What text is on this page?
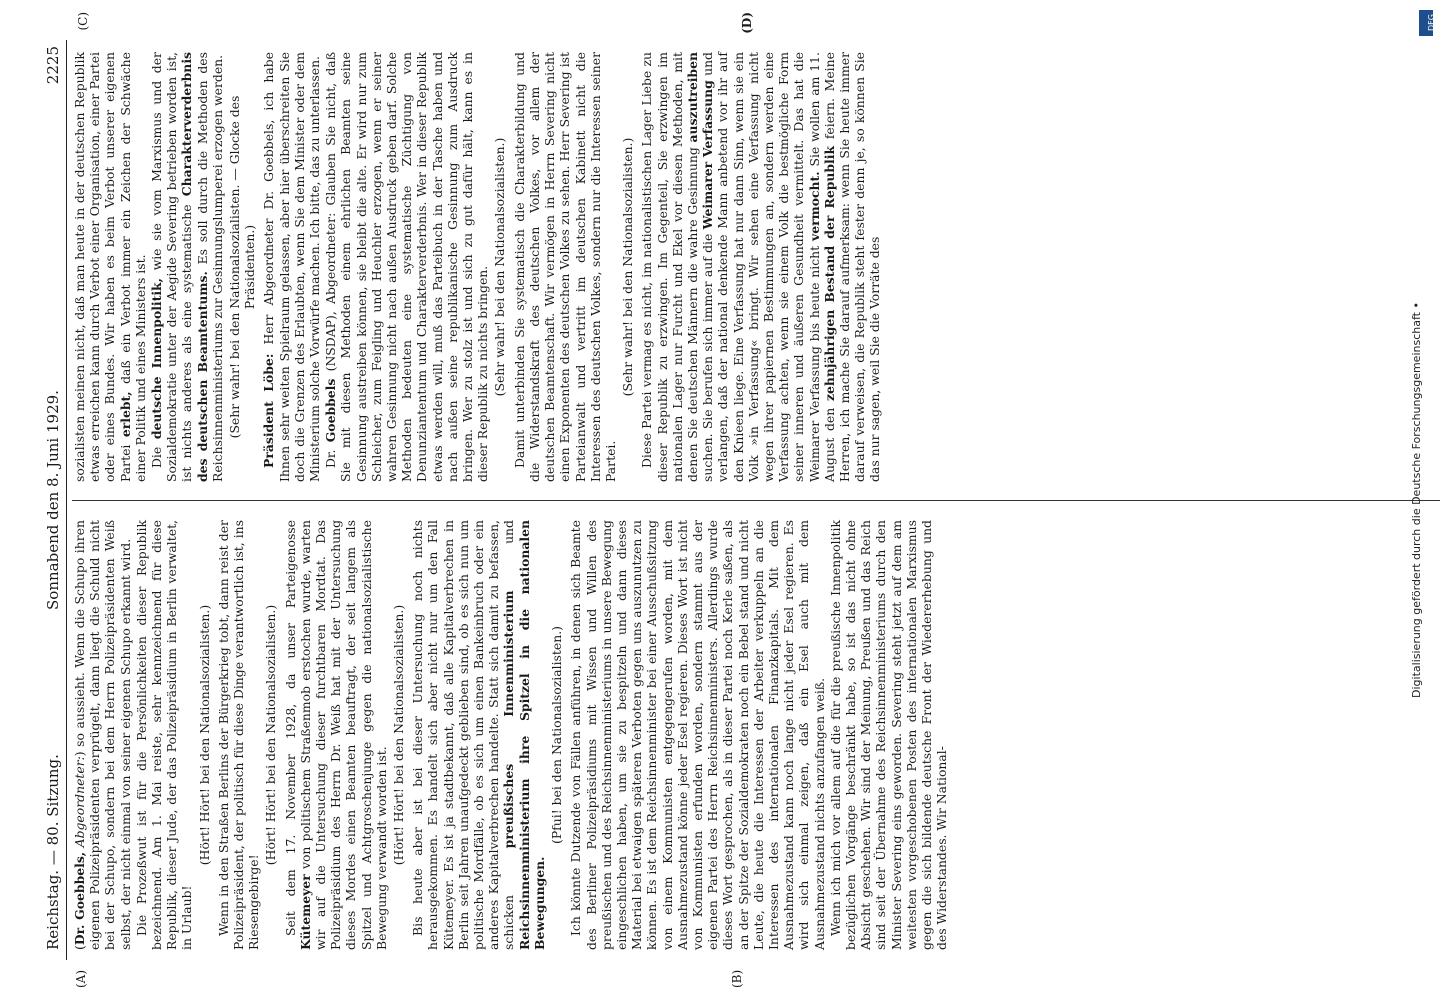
Reichstag. — 80. Sitzung.
Sonnabend den 8. Juni 1929.
2225

(Dr. Goebbels, Abgeordneter:) so aussieht. Wenn die Schupo ihren eigenen Polizeipräsidenten verprügelt, dann liegt die Schuld nicht bei der Schupo, sondern bei dem Herrn Polizeipräsidenten Weiß selbst, der nicht einmal von seiner eigenen Schupo erkannt wird. Die Prozeßwut ist für die Persönlichkeiten dieser Republik bezeichnend. Am 1. Mai reiste, sehr kennzeichnend für diese Republik, dieser Jude, der das Polizeipräsidium in Berlin verwaltet, in Urlaub!

(Hört! Hört! bei den Nationalsozialisten.) Wenn in den Straßen Berlins der Bürgerkrieg tobt, dann reist der Polizeipräsident, der politisch für diese Dinge verantwortlich ist, ins Riesengebirge!

(Hört! Hört! bei den Nationalsozialisten.) Seit dem 17. November 1928, da unser Parteigenosse Kütemeyer von politischem Straßenmob erstochen wurde, warten wir auf die Untersuchung dieser furchtbaren Mordtat. Das Polizeipräsidium des Herrn Dr. Weiß hat mit der Untersuchung dieses Mordes einen Beamten beauftragt, der seit langem als Spitzel und Achtgroschenjunge gegen die nationalsozialistische Bewegung verwandt worden ist. (Hört! Hört! bei den Nationalsozialisten.) Bis heute aber ist bei dieser Untersuchung noch nichts herausgekommen. Es handelt sich aber nicht nur um den Fall Kütemeyer. Es ist ja stadtbekannt, daß alle Kapitalverbrechen in Berlin seit Jahren unaufgedeckt geblieben sind, ob es sich nun um politische Mordfälle, ob es sich um einen Bankeinbruch oder ein anderes Kapitalverbrechen handelte. Statt sich damit zu befassen, schicken preußisches Innenministerium und Reichsinnenministerium ihre Spitzel in die nationalen Bewegungen.

(Pfui! bei den Nationalsozialisten.) Ich könnte Dutzende von Fällen anführen, in denen sich Beamte des Berliner Polizeipräsidiums mit Wissen und Willen des preußischen und des Reichsinnenministeriums in unsere Bewegung eingeschlichen haben, um sie zu bespitzeln und dann dieses Material bei etwaigen späteren Verboten gegen uns auszunutzen zu können. Es ist dem Reichsinnenminister bei einer Ausschußsitzung von einem Kommunisten entgegengerufen worden, mit dem Ausnahmezustand könne jeder Esel regieren. Dieses Wort ist nicht von Kommunisten erfunden worden, sondern stammt aus der eigenen Partei des Herrn Reichsinnenministers. Allerdings wurde dieses Wort gesprochen, als in dieser Partei noch Kerle saßen, als an der Spitze der Sozialdemokraten noch ein Bebel stand und nicht Leute, die heute die Interessen der Arbeiter verkuppeln an die Interessen des internationalen Finanzkapitals. Mit dem Ausnahmezustand kann noch lange nicht jeder Esel regieren. Es wird sich einmal zeigen, daß ein Esel auch mit dem Ausnahmezustand nichts anzufangen weiß. Wenn ich mich vor allem auf die für die preußische Innenpolitik bezüglichen Vorgänge beschränkt habe, so ist das nicht ohne Absicht geschehen. Wir sind der Meinung, Preußen und das Reich sind seit der Übernahme des Reichsinnenministeriums durch den Minister Severing eins geworden. Severing steht jetzt auf dem am weitesten vorgeschobenen Posten des internationalen Marxismus gegen die sich bildende deutsche Front der Wiedererhebung und des Widerstandes. Wir National-

sozialisten meinen nicht, daß man heute in der deutschen Republik etwas erreichen kann durch Verbot einer Organisation, einer Partei oder eines Bundes. Wir haben es beim Verbot unserer eigenen Partei erlebt, daß ein Verbot immer ein Zeichen der Schwäche einer Politik und eines Ministers ist. Die deutsche Innenpolitik, wie sie vom Marxismus und der Sozialdemokratie unter der Aegide Severing betrieben worden ist, ist nichts anderes als eine systematische Charakterverderbnis des deutschen Beamtentums. Es soll durch die Methoden des Reichsinnenministeriums zur Gesinnungslumperei erzogen werden. (Sehr wahr! bei den Nationalsozialisten. — Glocke des Präsidenten.)

Präsident Löbe: Herr Abgeordneter Dr. Goebbels, ich habe Ihnen sehr weiten Spielraum gelassen, aber hier überschreiten Sie doch die Grenzen des Erlaubten, wenn Sie dem Minister oder dem Ministerium solche Vorwürfe machen. Ich bitte, das zu unterlassen. Dr. Goebbels (NSDAP), Abgeordneter: Glauben Sie nicht, daß Sie mit diesen Methoden einem ehrlichen Beamten seine Gesinnung austreiben können, sie bleibt die alte. Er wird nur zum Schleicher, zum Feigling und Heuchler erzogen, wenn er seiner wahren Gesinnung nicht nach außen Ausdruck geben darf. Solche Methoden bedeuten eine systematische Züchtigung von Denunziantentum und Charakterverderbnis. Wer in dieser Republik etwas werden will, muß das Parteibuch in der Tasche haben und nach außen seine republikanische Gesinnung zum Ausdruck bringen. Wer zu stolz ist und sich zu gut dafür hält, kann es in dieser Republik zu nichts bringen. (Sehr wahr! bei den Nationalsozialisten.) Damit unterbinden Sie systematisch die Charakterbildung und die Widerstandskraft des deutschen Volkes, vor allem der deutschen Beamtenschaft. Wir vermögen in Herrn Severing nicht einen Exponenten des deutschen Volkes zu sehen. Herr Severing ist Parteianwalt und vertritt im deutschen Kabinett nicht die Interessen des deutschen Volkes, sondern nur die Interessen seiner Partei.

(Sehr wahr! bei den Nationalsozialisten.) Diese Partei vermag es nicht, im nationalistischen Lager Liebe zu dieser Republik zu erzwingen. Im Gegenteil, Sie erzwingen im nationalen Lager nur Furcht und Ekel vor diesen Methoden, mit denen Sie deutschen Männern die wahre Gesinnung auszutreiben suchen. Sie berufen sich immer auf die Weimarer Verfassung und verlangen, daß der national denkende Mann anbetend vor ihr auf den Knieen liege. Eine Verfassung hat nur dann Sinn, wenn sie ein Volk »in Verfassung« bringt. Wir sehen eine Verfassung nicht wegen ihrer papiernen Bestimmungen an, sondern werden eine Verfassung achten, wenn sie einem Volk die bestmögliche Form seiner inneren und äußeren Gesundheit vermittelt. Das hat die Weimarer Verfassung bis heute nicht vermocht. Sie wollen am 11. August den zehnjährigen Bestand der Republik feiern. Meine Herren, ich mache Sie darauf aufmerksam: wenn Sie heute immer darauf verweisen, die Republik steht fester denn je, so können Sie das nur sagen, weil Sie die Vorräte des

(A)	(B)
(C)	(D)	DFG
Digitalisierung gefördert durch die Deutsche Forschungsgemeinschaft •
